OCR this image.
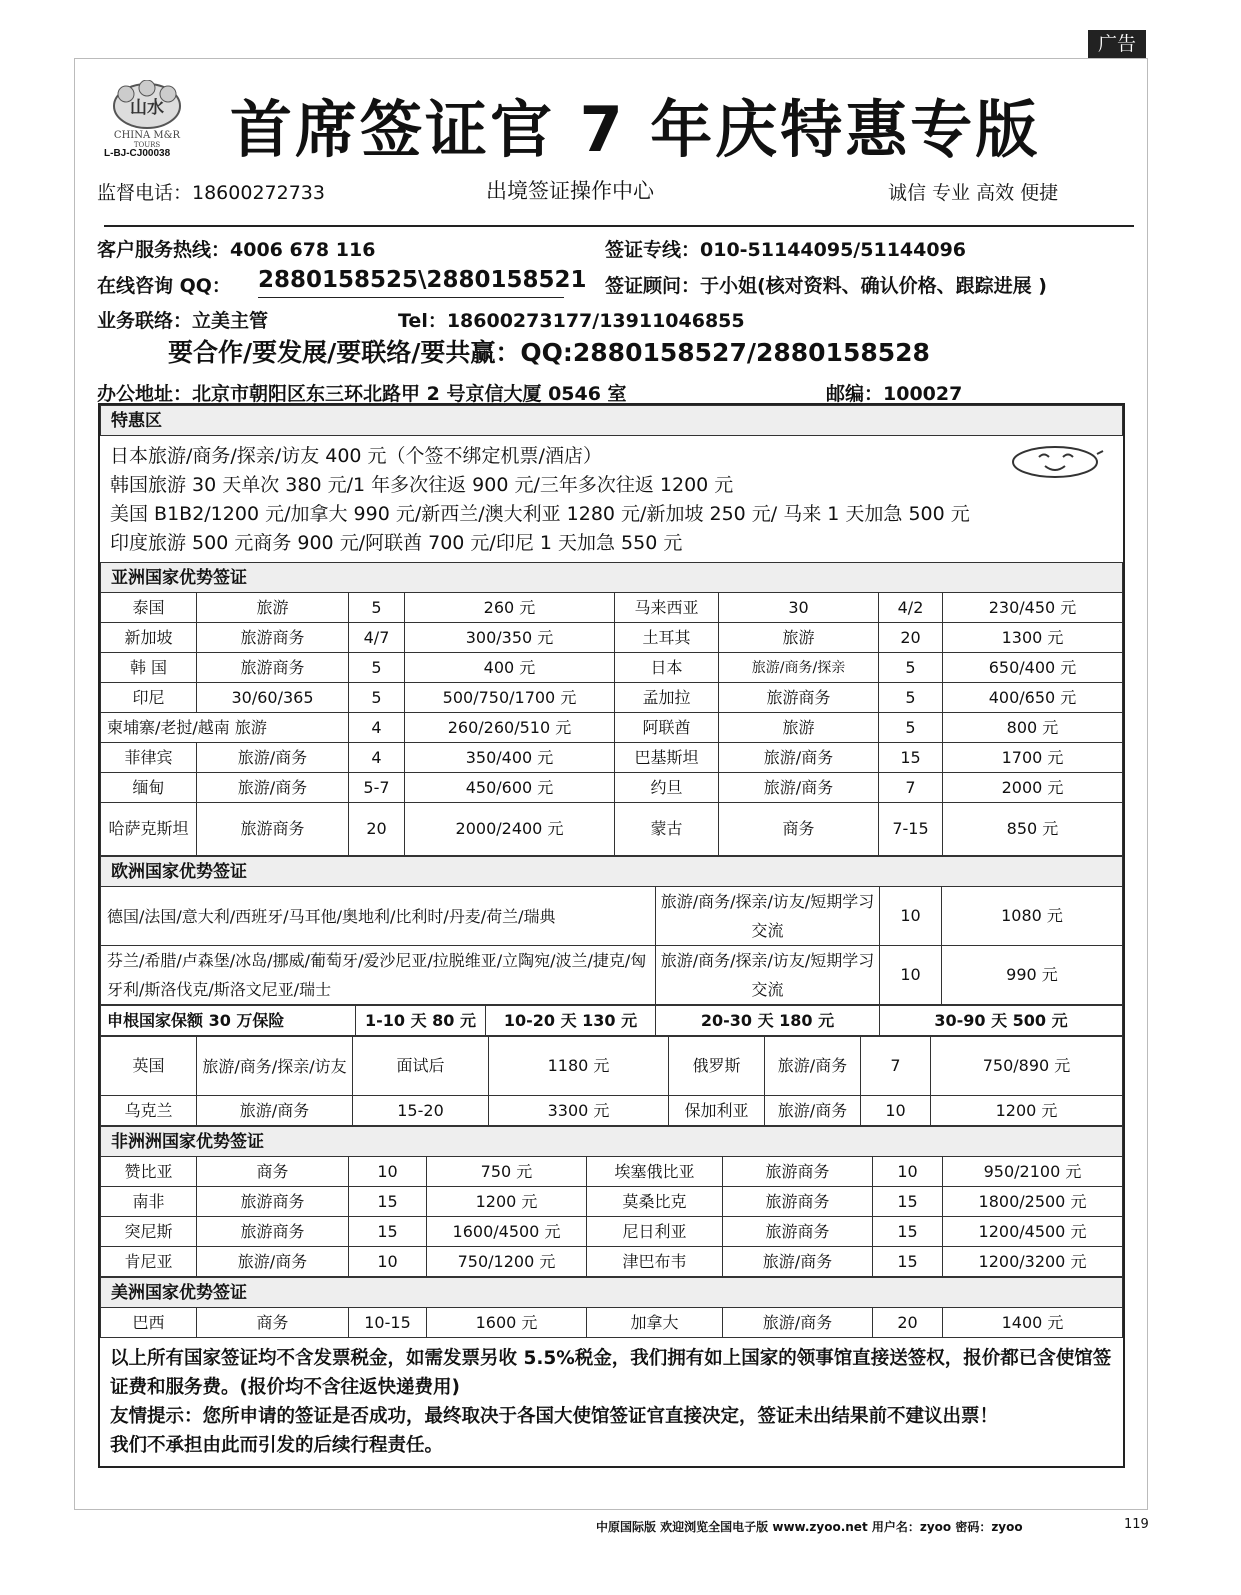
广告
山水
CHINA M&R
TOURS
L-BJ-CJ00038 首席签证官 7 年庆特惠专版
监督电话：18600272733	出境签证操作中心	诚信 专业 高效 便捷
客户服务热线：4006 678 116	签证专线：010-51144095/51144096
在线咨询 QQ： 2880158525\2880158521 签证顾问：于小姐(核对资料、确认价格、跟踪进展 )
业务联络：立美主管	Tel：18600273177/13911046855
要合作/要发展/要联络/要共赢：QQ:2880158527/2880158528
办公地址：北京市朝阳区东三环北路甲 2 号京信大厦 0546 室	邮编：100027
特惠区
日本旅游/商务/探亲/访友 400 元（个签不绑定机票/酒店）
韩国旅游 30 天单次 380 元/1 年多次往返 900 元/三年多次往返 1200 元
美国 B1B2/1200 元/加拿大 990 元/新西兰/澳大利亚 1280 元/新加坡 250 元/ 马来 1 天加急 500 元
印度旅游 500 元商务 900 元/阿联酋 700 元/印尼 1 天加急 550 元
亚洲国家优势签证							
泰国	旅游	5	260 元	马来西亚	30	4/2	230/450 元
新加坡	旅游商务	4/7	300/350 元	土耳其	旅游	20	1300 元
韩 国	旅游商务	5	400 元	日本	旅游/商务/探亲	5	650/400 元
印尼	30/60/365	5	500/750/1700 元	孟加拉	旅游商务	5	400/650 元
柬埔寨/老挝/越南 旅游		4	260/260/510 元	阿联酋	旅游	5	800 元
菲律宾	旅游/商务	4	350/400 元	巴基斯坦	旅游/商务	15	1700 元
缅甸	旅游/商务	5-7	450/600 元	约旦	旅游/商务	7	2000 元
哈萨克斯坦	旅游商务	20	2000/2400 元	蒙古	商务	7-15	850 元
欧洲国家优势签证			
德国/法国/意大利/西班牙/马耳他/奥地利/比利时/丹麦/荷兰/瑞典	旅游/商务/探亲/访友/短期学习交流	10	1080 元
芬兰/希腊/卢森堡/冰岛/挪威/葡萄牙/爱沙尼亚/拉脱维亚/立陶宛/波兰/捷克/匈牙利/斯洛伐克/斯洛文尼亚/瑞士	旅游/商务/探亲/访友/短期学习交流	10	990 元
申根国家保额 30 万保险	1-10 天 80 元	10-20 天 130 元	20-30 天 180 元	30-90 天 500 元
英国	旅游/商务/探亲/访友	面试后	1180 元	俄罗斯	旅游/商务	7	750/890 元
乌克兰	旅游/商务	15-20	3300 元	保加利亚	旅游/商务	10	1200 元
非洲洲国家优势签证							
赞比亚	商务	10	750 元	埃塞俄比亚	旅游商务	10	950/2100 元
南非	旅游商务	15	1200 元	莫桑比克	旅游商务	15	1800/2500 元
突尼斯	旅游商务	15	1600/4500 元	尼日利亚	旅游商务	15	1200/4500 元
肯尼亚	旅游/商务	10	750/1200 元	津巴布韦	旅游/商务	15	1200/3200 元
美洲国家优势签证
巴西	商务	10-15	1600 元	加拿大	旅游/商务	20	1400 元
以上所有国家签证均不含发票税金，如需发票另收 5.5%税金，我们拥有如上国家的领事馆直接送签权，报价都已含使馆签证费和服务费。(报价均不含往返快递费用)
友情提示：您所申请的签证是否成功，最终取决于各国大使馆签证官直接决定，签证未出结果前不建议出票！
我们不承担由此而引发的后续行程责任。
中原国际版 欢迎浏览全国电子版 www.zyoo.net 用户名：zyoo 密码：zyoo	119
